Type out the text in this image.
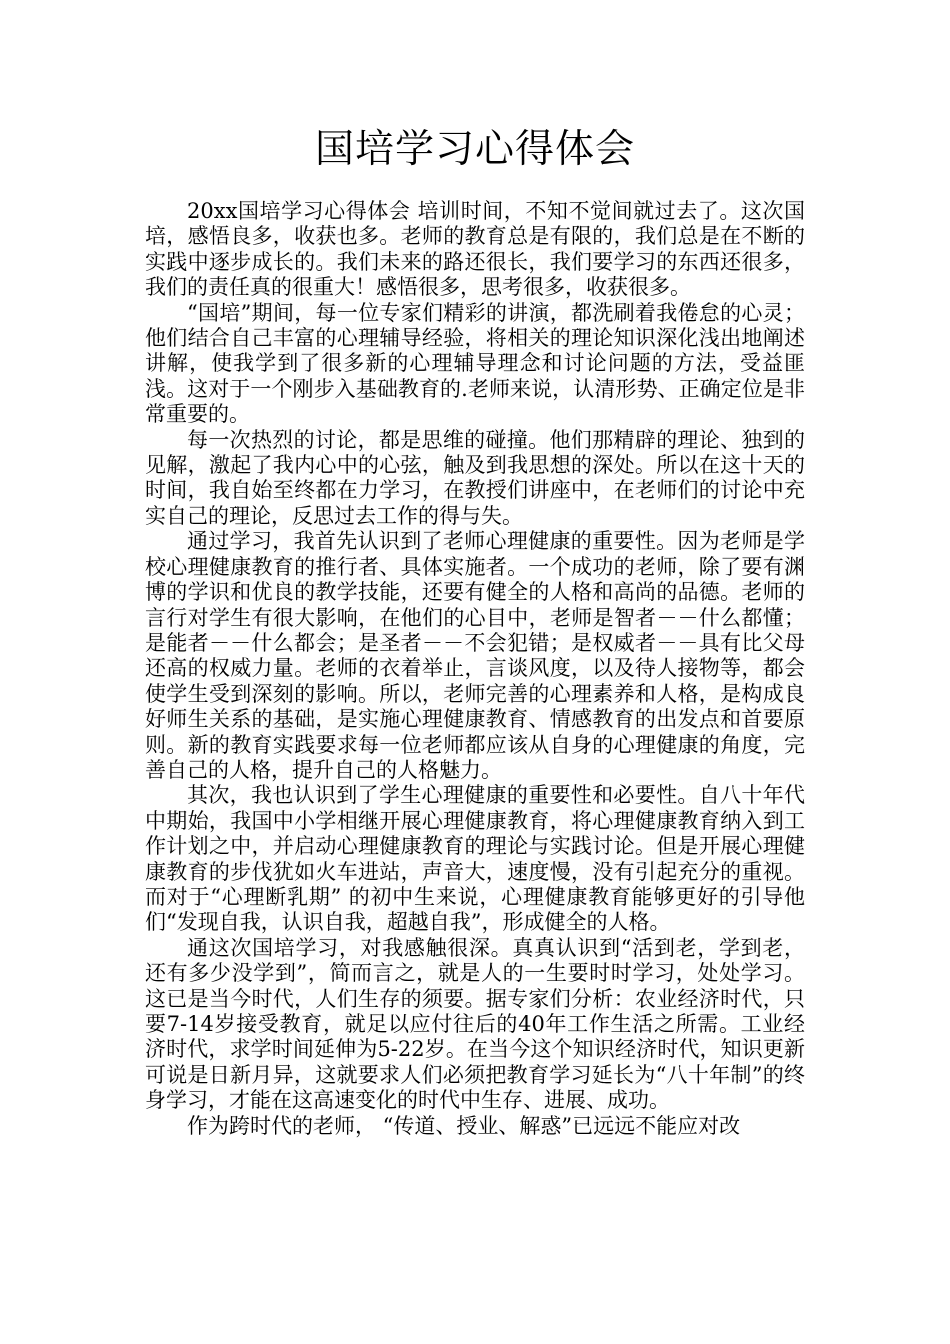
国培学习心得体会

20xx国培学习心得体会 培训时间，不知不觉间就过去了。这次国培，感悟良多，收获也多。老师的教育总是有限的，我们总是在不断的实践中逐步成长的。我们未来的路还很长，我们要学习的东西还很多，我们的责任真的很重大！感悟很多，思考很多，收获很多。

“国培”期间，每一位专家们精彩的讲演，都洗刷着我倦怠的心灵；他们结合自己丰富的心理辅导经验，将相关的理论知识深化浅出地阐述讲解，使我学到了很多新的心理辅导理念和讨论问题的方法，受益匪浅。这对于一个刚步入基础教育的.老师来说，认清形势、正确定位是非常重要的。

每一次热烈的讨论，都是思维的碰撞。他们那精辟的理论、独到的见解，激起了我内心中的心弦，触及到我思想的深处。所以在这十天的时间，我自始至终都在力学习，在教授们讲座中，在老师们的讨论中充实自己的理论，反思过去工作的得与失。

通过学习，我首先认识到了老师心理健康的重要性。因为老师是学校心理健康教育的推行者、具体实施者。一个成功的老师，除了要有渊博的学识和优良的教学技能，还要有健全的人格和高尚的品德。老师的言行对学生有很大影响，在他们的心目中，老师是智者－－什么都懂；是能者－－什么都会；是圣者－－不会犯错；是权威者－－具有比父母还高的权威力量。老师的衣着举止，言谈风度，以及待人接物等，都会使学生受到深刻的影响。所以，老师完善的心理素养和人格，是构成良好师生关系的基础，是实施心理健康教育、情感教育的出发点和首要原则。新的教育实践要求每一位老师都应该从自身的心理健康的角度，完善自己的人格，提升自己的人格魅力。

其次，我也认识到了学生心理健康的重要性和必要性。自八十年代中期始，我国中小学相继开展心理健康教育，将心理健康教育纳入到工作计划之中，并启动心理健康教育的理论与实践讨论。但是开展心理健康教育的步伐犹如火车进站，声音大，速度慢，没有引起充分的重视。而对于“心理断乳期” 的初中生来说，心理健康教育能够更好的引导他们“发现自我，认识自我，超越自我”，形成健全的人格。

通这次国培学习，对我感触很深。真真认识到“活到老，学到老，还有多少没学到”，简而言之，就是人的一生要时时学习，处处学习。这已是当今时代，人们生存的须要。据专家们分析：农业经济时代，只要7-14岁接受教育，就足以应付往后的40年工作生活之所需。工业经济时代，求学时间延伸为5-22岁。在当今这个知识经济时代，知识更新可说是日新月异，这就要求人们必须把教育学习延长为“八十年制”的终身学习，才能在这高速变化的时代中生存、进展、成功。

作为跨时代的老师， “传道、授业、解惑”已远远不能应对改
